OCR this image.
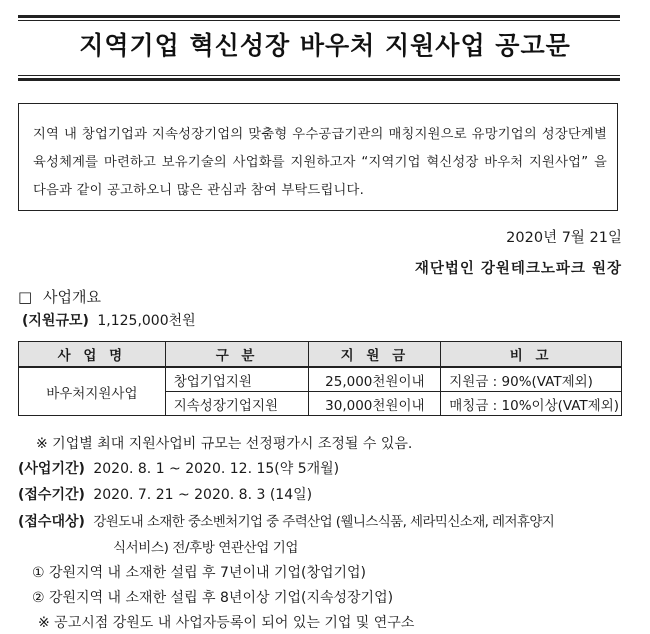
지역기업 혁신성장 바우처 지원사업 공고문

지역 내 창업기업과 지속성장기업의 맞춤형 우수공급기관의 매칭지원으로 유망기업의 성장단계별 육성체계를 마련하고 보유기술의 사업화를 지원하고자 “지역기업 혁신성장 바우처 지원사업” 을 다음과 같이 공고하오니 많은 관심과 참여 부탁드립니다.

2020년 7월 21일
재단법인 강원테크노파크 원장
□ 사업개요
(지원규모) 1,125,000천원
사 업 명	구 분	지 원 금	비 고
바우처지원사업	창업기업지원	25,000천원이내	지원금 : 90%(VAT제외)
	지속성장기업지원	30,000천원이내	매칭금 : 10%이상(VAT제외)
※ 기업별 최대 지원사업비 규모는 선정평가시 조정될 수 있음.
(사업기간) 2020. 8. 1 ~ 2020. 12. 15(약 5개월)
(접수기간) 2020. 7. 21 ~ 2020. 8. 3 (14일)
(접수대상) 강원도내 소재한 중소벤처기업 중 주력산업 (웰니스식품, 세라믹신소재, 레저휴양지
식서비스) 전/후방 연관산업 기업
① 강원지역 내 소재한 설립 후 7년이내 기업(창업기업)
② 강원지역 내 소재한 설립 후 8년이상 기업(지속성장기업)
※ 공고시점 강원도 내 사업자등록이 되어 있는 기업 및 연구소
